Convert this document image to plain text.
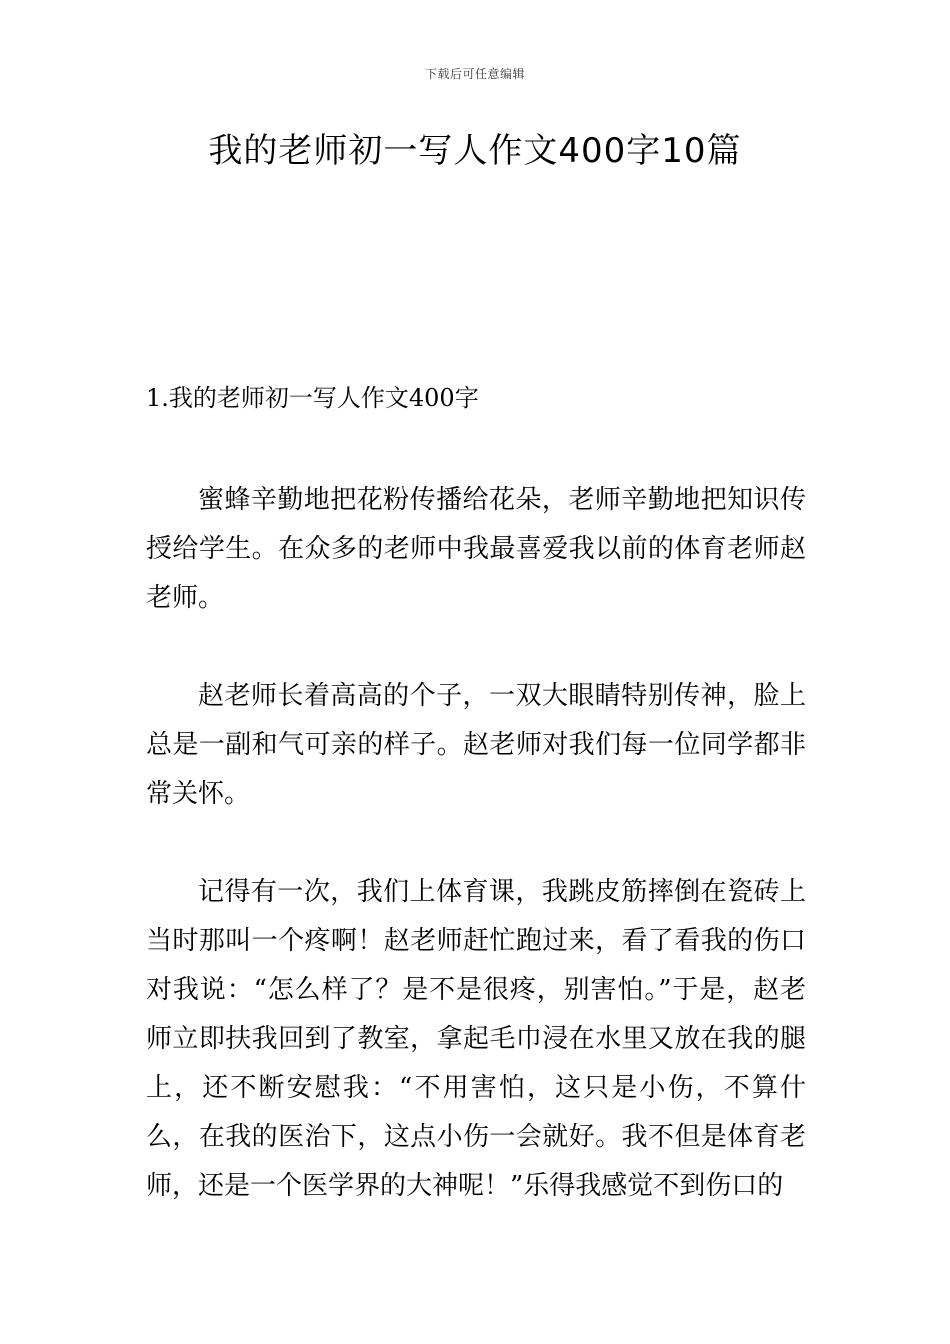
下载后可任意编辑
我的老师初一写人作文400字10篇
1.我的老师初一写人作文400字

蜜蜂辛勤地把花粉传播给花朵，老师辛勤地把知识传授给学生。在众多的老师中我最喜爱我以前的体育老师赵老师。

赵老师长着高高的个子，一双大眼睛特别传神，脸上总是一副和气可亲的样子。赵老师对我们每一位同学都非常关怀。

记得有一次，我们上体育课，我跳皮筋摔倒在瓷砖上当时那叫一个疼啊！赵老师赶忙跑过来，看了看我的伤口对我说：“怎么样了？是不是很疼，别害怕。”于是，赵老师立即扶我回到了教室，拿起毛巾浸在水里又放在我的腿上，还不断安慰我：“不用害怕，这只是小伤，不算什么，在我的医治下，这点小伤一会就好。我不但是体育老师，还是一个医学界的大神呢！”乐得我感觉不到伤口的
